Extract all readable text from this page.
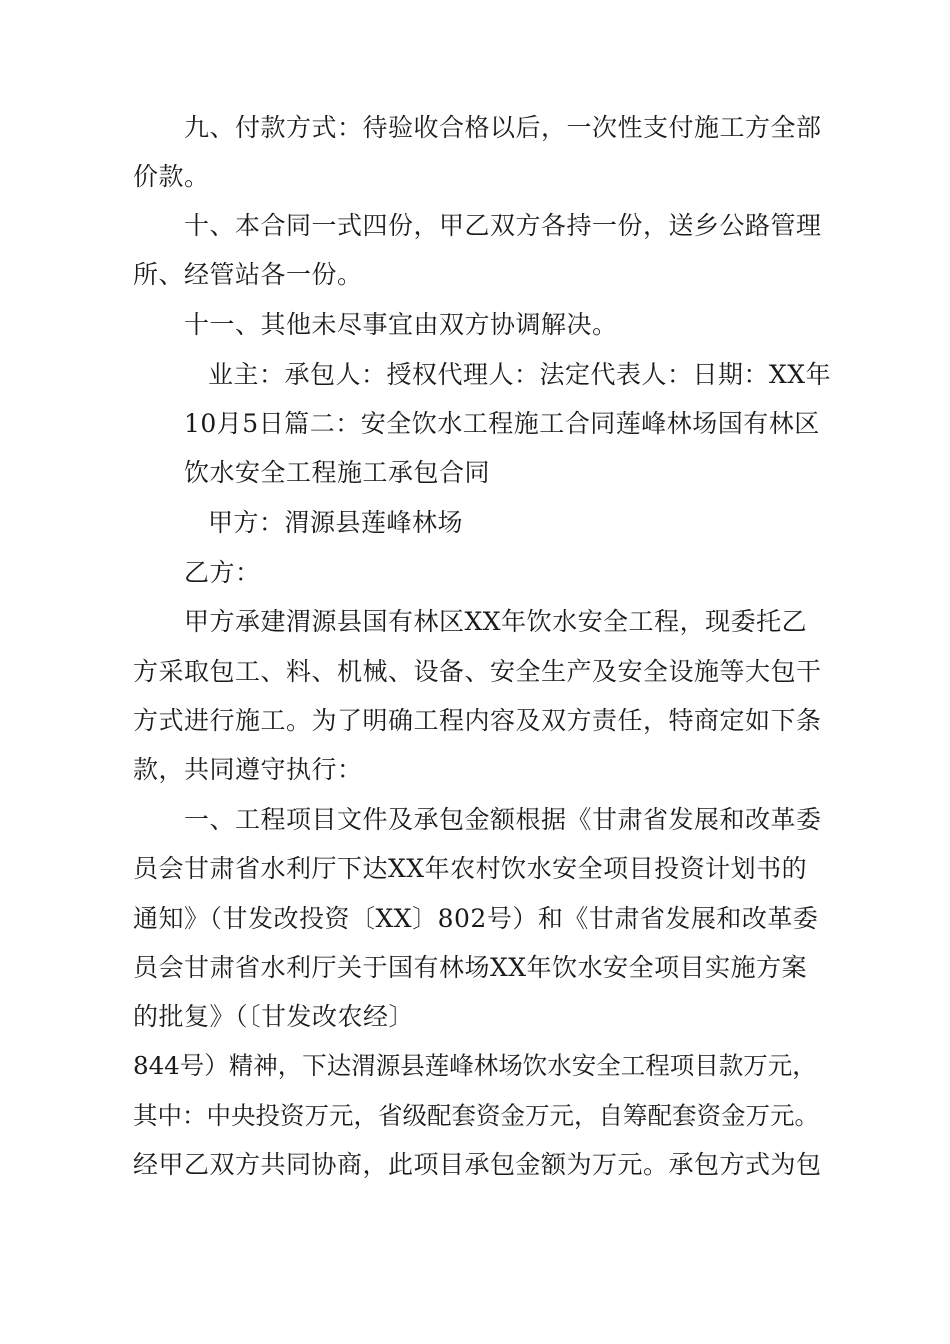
九、付款方式：待验收合格以后，一次性支付施工方全部
价款。
十、本合同一式四份，甲乙双方各持一份，送乡公路管理
所、经管站各一份。
十一、其他未尽事宜由双方协调解决。
业主：承包人：授权代理人：法定代表人：日期：XX年
10月5日篇二：安全饮水工程施工合同莲峰林场国有林区
饮水安全工程施工承包合同
甲方：渭源县莲峰林场
乙方：
甲方承建渭源县国有林区XX年饮水安全工程，现委托乙
方采取包工、料、机械、设备、安全生产及安全设施等大包干
方式进行施工。为了明确工程内容及双方责任，特商定如下条
款，共同遵守执行：
一、工程项目文件及承包金额根据《甘肃省发展和改革委
员会甘肃省水利厅下达XX年农村饮水安全项目投资计划书的
通知》（甘发改投资〔XX〕802号）和《甘肃省发展和改革委
员会甘肃省水利厅关于国有林场XX年饮水安全项目实施方案
的批复》（〔甘发改农经〕
844号）精神，下达渭源县莲峰林场饮水安全工程项目款万元，
其中：中央投资万元，省级配套资金万元，自筹配套资金万元。
经甲乙双方共同协商，此项目承包金额为万元。承包方式为包
